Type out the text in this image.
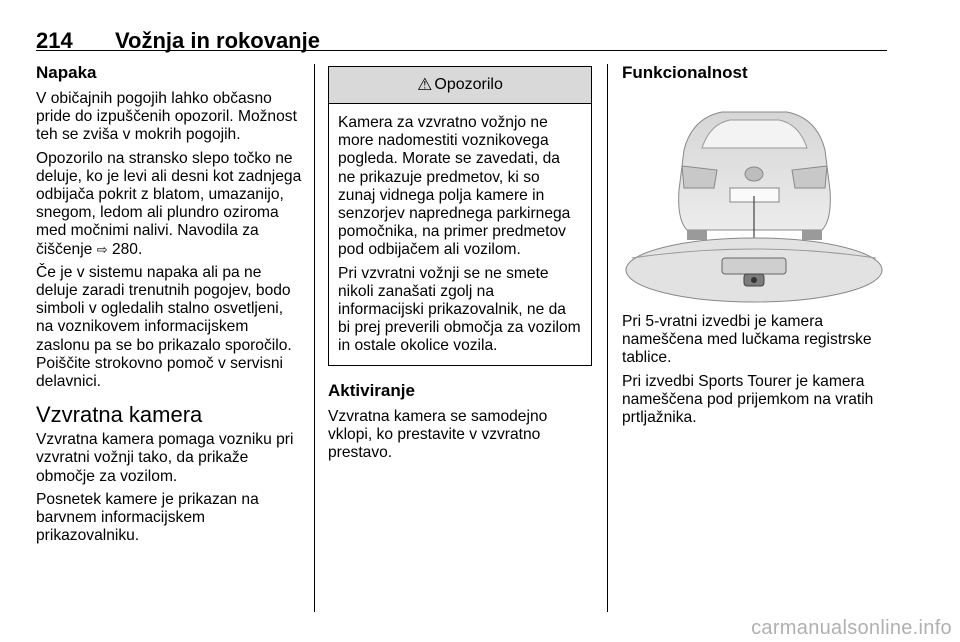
214 Vožnja in rokovanje
Napaka

V običajnih pogojih lahko občasno pride do izpuščenih opozoril. Možnost teh se zviša v mokrih pogojih.

Opozorilo na stransko slepo točko ne deluje, ko je levi ali desni kot zadnjega odbijača pokrit z blatom, umazanijo, snegom, ledom ali plundro oziroma med močnimi nalivi. Navodila za čiščenje ⇨ 280.

Če je v sistemu napaka ali pa ne deluje zaradi trenutnih pogojev, bodo simboli v ogledalih stalno osvetljeni, na voznikovem informacijskem zaslonu pa se bo prikazalo sporočilo. Poiščite strokovno pomoč v servisni delavnici.

Vzvratna kamera

Vzvratna kamera pomaga vozniku pri vzvratni vožnji tako, da prikaže območje za vozilom.

Posnetek kamere je prikazan na barvnem informacijskem prikazovalniku.

⚠ Opozorilo

Kamera za vzvratno vožnjo ne more nadomestiti voznikovega pogleda. Morate se zavedati, da ne prikazuje predmetov, ki so zunaj vidnega polja kamere in senzorjev naprednega parkirnega pomočnika, na primer predmetov pod odbijačem ali vozilom.

Pri vzvratni vožnji se ne smete nikoli zanašati zgolj na informacijski prikazovalnik, ne da bi prej preverili območja za vozilom in ostale okolice vozila.

Aktiviranje

Vzvratna kamera se samodejno vklopi, ko prestavite v vzvratno prestavo.

Funkcionalnost

Pri 5-vratni izvedbi je kamera nameščena med lučkama registrske tablice.

Pri izvedbi Sports Tourer je kamera nameščena pod prijemkom na vratih prtljažnika.

carmanualsonline.info
